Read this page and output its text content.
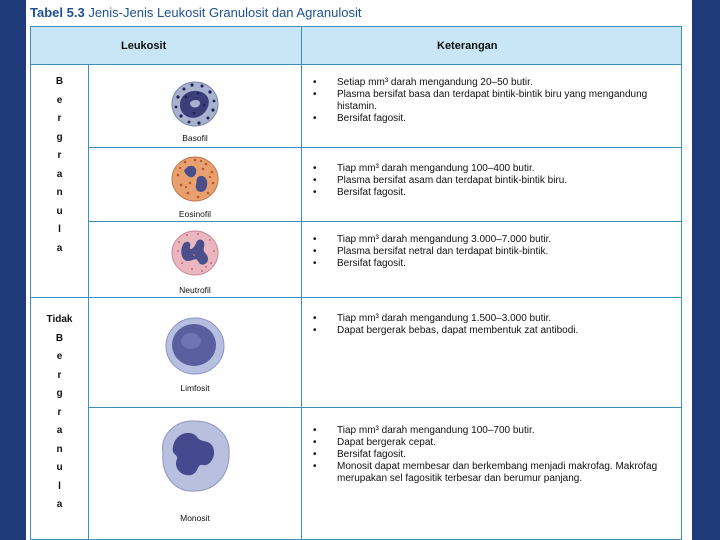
Tabel 5.3 Jenis-Jenis Leukosit Granulosit dan Agranulosit
Leukosit	Keterangan
B
e
r
g
r
a
n
u
l
a
Tidak
B
e
r
g
r
a
n
u
l
a
Basofil
• Setiap mm³ darah mengandung 20–50 butir.
• Plasma bersifat basa dan terdapat bintik-bintik biru yang mengandung histamin.
• Bersifat fagosit.
Eosinofil
• Tiap mm³ darah mengandung 100–400 butir.
• Plasma bersifat asam dan terdapat bintik-bintik biru.
• Bersifat fagosit.
Neutrofil
• Tiap mm³ darah mengandung 3.000–7.000 butir.
• Plasma bersifat netral dan terdapat bintik-bintik.
• Bersifat fagosit.
Limfosit
• Tiap mm³ darah mengandung 1.500–3.000 butir.
• Dapat bergerak bebas, dapat membentuk zat antibodi.
Monosit
• Tiap mm³ darah mengandung 100–700 butir.
• Dapat bergerak cepat.
• Bersifat fagosit.
• Monosit dapat membesar dan berkembang menjadi makrofag. Makrofag merupakan sel fagositik terbesar dan berumur panjang.
